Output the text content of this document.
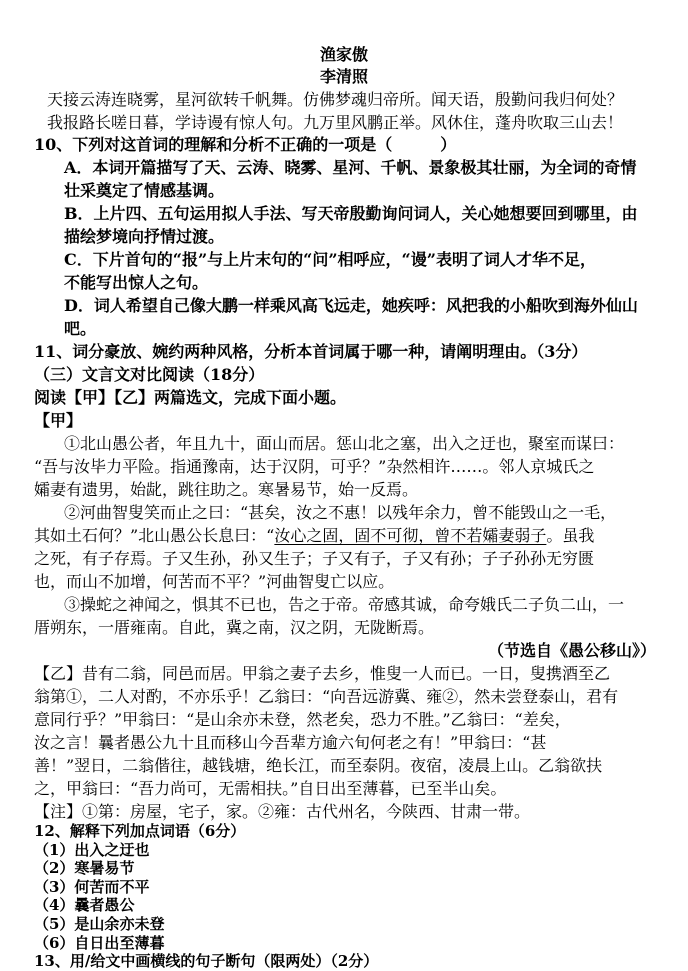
渔家傲
李清照
天接云涛连晓雾，星河欲转千帆舞。仿佛梦魂归帝所。闻天语，殷勤问我归何处？
我报路长嗟日暮，学诗谩有惊人句。九万里风鹏正举。风休住，蓬舟吹取三山去！
10、下列对这首词的理解和分析不正确的一项是（　　　）
A．本词开篇描写了天、云涛、晓雾、星河、千帆、景象极其壮丽，为全词的奇情
壮采奠定了情感基调。
B．上片四、五句运用拟人手法、写天帝殷勤询问词人，关心她想要回到哪里，由
描绘梦境向抒情过渡。
C．下片首句的“报”与上片末句的“问”相呼应，“谩”表明了词人才华不足，
不能写出惊人之句。
D．词人希望自己像大鹏一样乘风高飞远走，她疾呼：风把我的小船吹到海外仙山
吧。
11、词分豪放、婉约两种风格，分析本首词属于哪一种，请阐明理由。（3分）
（三）文言文对比阅读（18分）
阅读【甲】【乙】两篇选文，完成下面小题。
【甲】
①北山愚公者，年且九十，面山而居。惩山北之塞，出入之迂也，聚室而谋曰：
“吾与汝毕力平险。指通豫南，达于汉阴，可乎？”杂然相许……。邻人京城氏之
孀妻有遗男，始龀，跳往助之。寒暑易节，始一反焉。
②河曲智叟笑而止之曰：“甚矣，汝之不惠！以残年余力，曾不能毁山之一毛，
其如土石何？”北山愚公长息曰：“汝心之固，固不可彻，曾不若孀妻弱子。虽我
之死，有子存焉。子又生孙，孙又生子；子又有子，子又有孙；子子孙孙无穷匮
也，而山不加增，何苦而不平？”河曲智叟亡以应。
③操蛇之神闻之，惧其不已也，告之于帝。帝感其诚，命夸娥氏二子负二山，一
厝朔东，一厝雍南。自此，冀之南，汉之阴，无陇断焉。
（节选自《愚公移山》）
【乙】昔有二翁，同邑而居。甲翁之妻子去乡，惟叟一人而已。一日，叟携酒至乙
翁第①，二人对酌，不亦乐乎！乙翁曰：“向吾远游冀、雍②，然未尝登泰山，君有
意同行乎？”甲翁曰：“是山余亦未登，然老矣，恐力不胜。”乙翁曰：“差矣，
汝之言！曩者愚公九十且而移山今吾辈方逾六旬何老之有！”甲翁曰：“甚
善！”翌日，二翁偕往，越钱塘，绝长江，而至泰阴。夜宿，凌晨上山。乙翁欲扶
之，甲翁曰：“吾力尚可，无需相扶。”自日出至薄暮，已至半山矣。
【注】①第：房屋，宅子，家。②雍：古代州名，今陕西、甘肃一带。
12、解释下列加点词语（6分）
（1）出入之迂也
（2）寒暑易节
（3）何苦而不平
（4）曩者愚公
（5）是山余亦未登
（6）自日出至薄暮
13、用/给文中画横线的句子断句（限两处）（2分）
